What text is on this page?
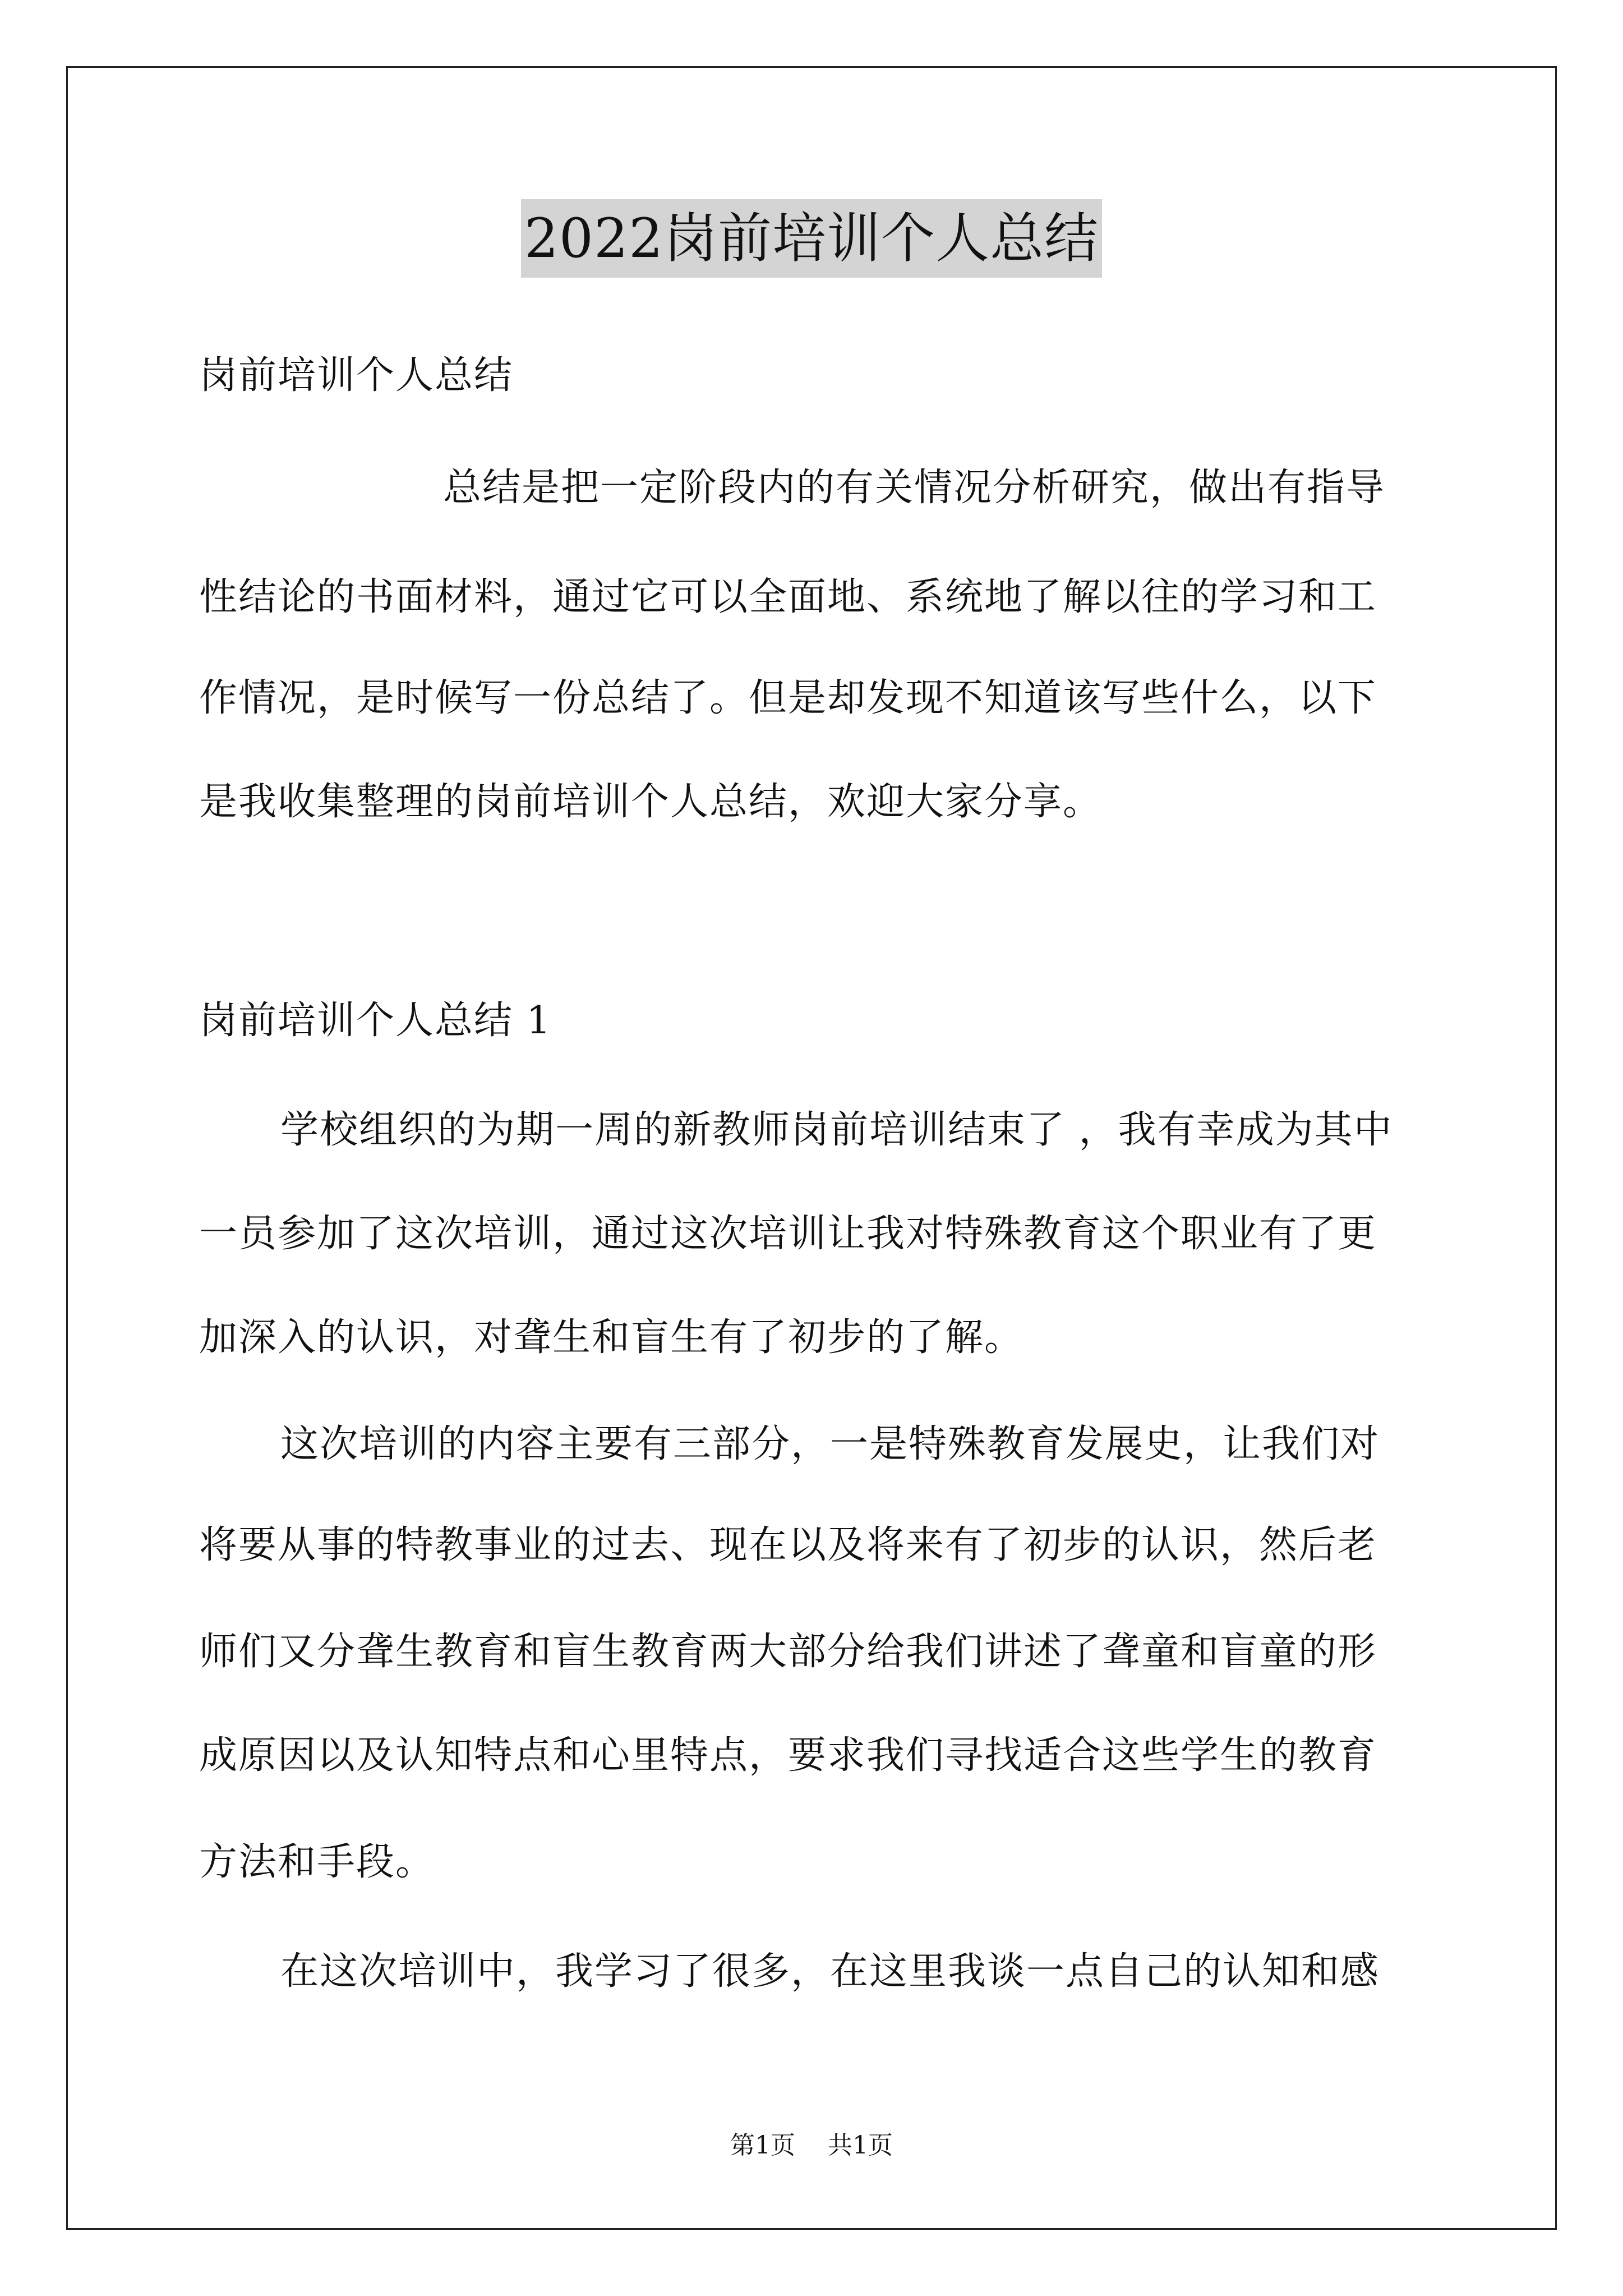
2022岗前培训个人总结
岗前培训个人总结
总结是把一定阶段内的有关情况分析研究，做出有指导
性结论的书面材料，通过它可以全面地、系统地了解以往的学习和工
作情况，是时候写一份总结了。但是却发现不知道该写些什么，以下
是我收集整理的岗前培训个人总结，欢迎大家分享。
岗前培训个人总结 1
学校组织的为期一周的新教师岗前培训结束了 ，我有幸成为其中
一员参加了这次培训，通过这次培训让我对特殊教育这个职业有了更
加深入的认识，对聋生和盲生有了初步的了解。
这次培训的内容主要有三部分，一是特殊教育发展史，让我们对
将要从事的特教事业的过去、现在以及将来有了初步的认识，然后老
师们又分聋生教育和盲生教育两大部分给我们讲述了聋童和盲童的形
成原因以及认知特点和心里特点，要求我们寻找适合这些学生的教育
方法和手段。
在这次培训中，我学习了很多，在这里我谈一点自己的认知和感
第1页 共1页
